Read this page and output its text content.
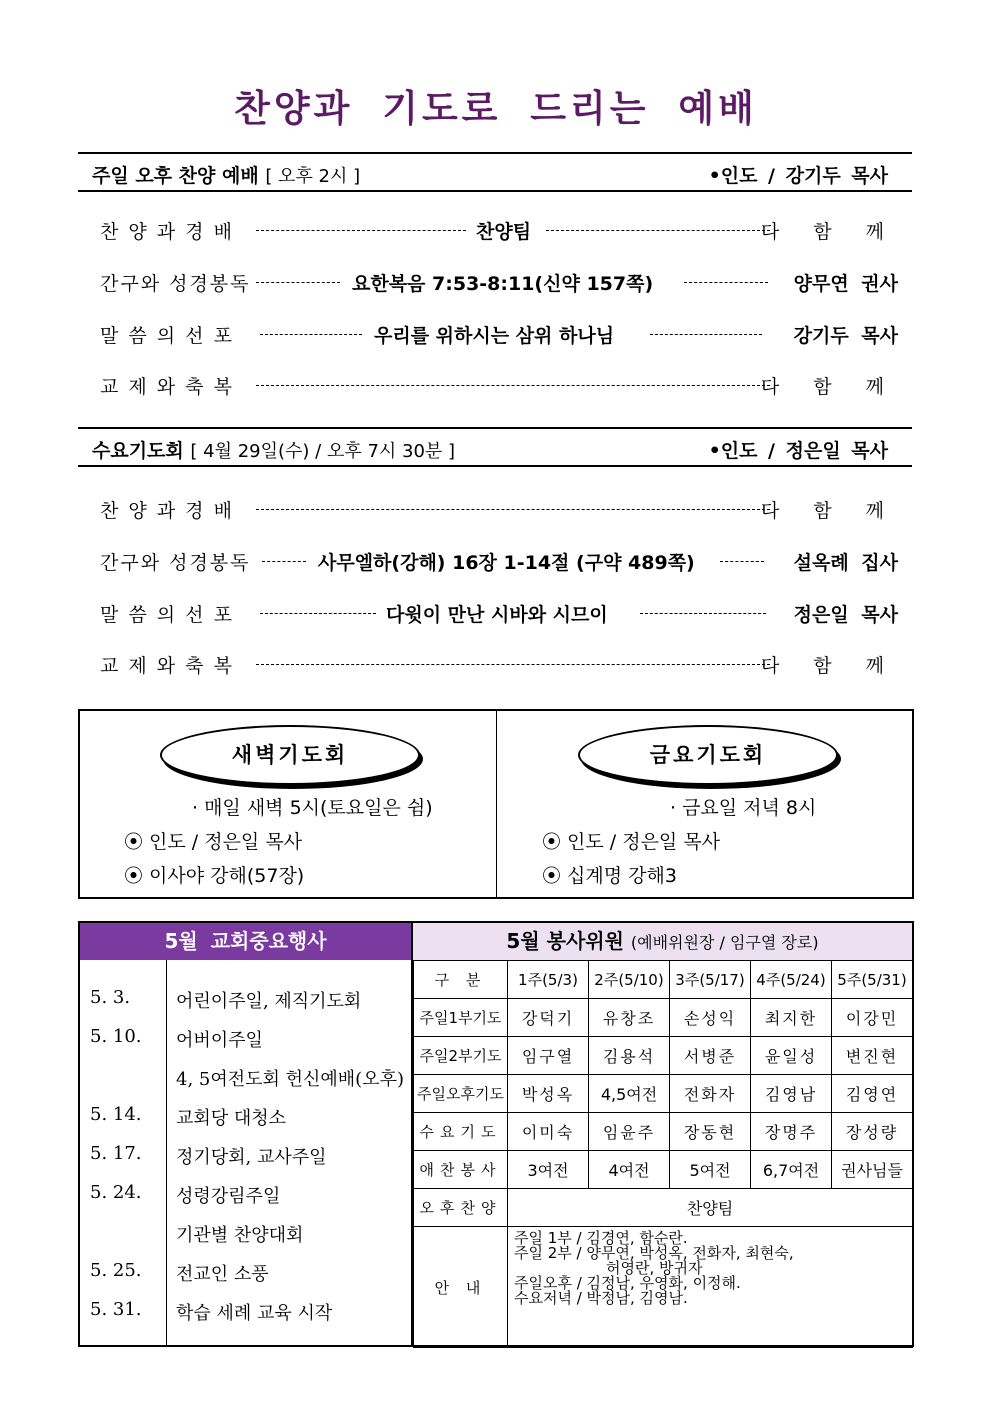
찬양과 기도로 드리는 예배
주일 오후 찬양 예배 [ 오후 2시 ]	•인도 / 강기두 목사
찬 양 과 경 배	찬양팀	다 함 께
간구와 성경봉독	요한복음 7:53-8:11(신약 157쪽)	양무연 권사
말 씀 의 선 포	우리를 위하시는 삼위 하나님	강기두 목사
교 제 와 축 복	다 함 께
수요기도회 [ 4월 29일(수) / 오후 7시 30분 ]	•인도 / 정은일 목사
찬 양 과 경 배	다 함 께
간구와 성경봉독	사무엘하(강해) 16장 1-14절 (구약 489쪽)	설옥례 집사
말 씀 의 선 포	다윗이 만난 시바와 시므이	정은일 목사
교 제 와 축 복	다 함 께
새벽기도회
· 매일 새벽 5시(토요일은 쉼)
⦿ 인도 / 정은일 목사
⦿ 이사야 강해(57장)
금요기도회
· 금요일 저녁 8시
⦿ 인도 / 정은일 목사
⦿ 십계명 강해3
5월 교회중요행사
5. 3.	어린이주일, 제직기도회
5. 10. 어버이주일
4, 5여전도회 헌신예배(오후)
5. 14. 교회당 대청소
5. 17. 정기당회, 교사주일
5. 24. 성령강림주일
기관별 찬양대회
5. 25. 전교인 소풍
5. 31. 학습 세례 교육 시작
5월 봉사위원 (예배위원장 / 임구열 장로)
구 분	1주(5/3)	2주(5/10)	3주(5/17)	4주(5/24)	5주(5/31)
주일1부기도	강덕기	유창조	손성익	최지한	이강민
주일2부기도	임구열	김용석	서병준	윤일성	변진현
주일오후기도	박성옥	4,5여전	전화자	김영남	김영연
수요기도	이미숙	임윤주	장동현	장명주	장성량
애찬봉사	3여전	4여전	5여전	6,7여전	권사님들
오후찬양	찬양팀				
안 내	주일 1부 / 김경연, 함순란.
주일 2부 / 양무연, 박성옥, 전화자, 최현숙,
허영란, 방귀자
주일오후 / 김정남, 우영화, 이정해.
수요저녁 / 박정남, 김영남.				
